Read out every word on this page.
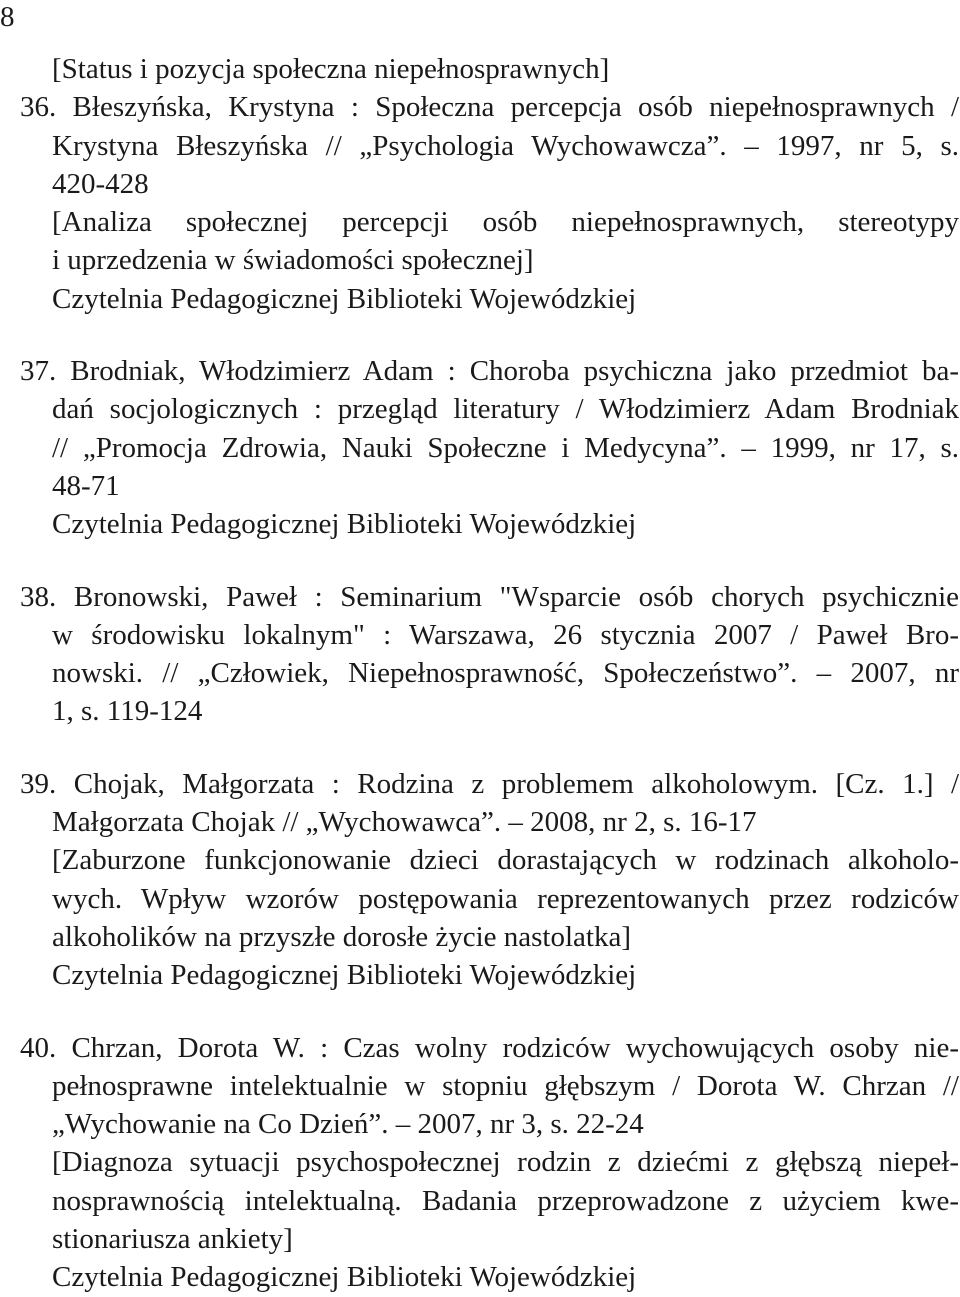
8
[Status i pozycja społeczna niepełnosprawnych]
36. Błeszyńska, Krystyna : Społeczna percepcja osób niepełnosprawnych /
Krystyna Błeszyńska // „Psychologia Wychowawcza”. – 1997, nr 5, s.
420-428
[Analiza społecznej percepcji osób niepełnosprawnych, stereotypy
i uprzedzenia w świadomości społecznej]
Czytelnia Pedagogicznej Biblioteki Wojewódzkiej
37. Brodniak, Włodzimierz Adam : Choroba psychiczna jako przedmiot ba-
dań socjologicznych : przegląd literatury / Włodzimierz Adam Brodniak
// „Promocja Zdrowia, Nauki Społeczne i Medycyna”. – 1999, nr 17, s.
48-71
Czytelnia Pedagogicznej Biblioteki Wojewódzkiej
38. Bronowski, Paweł : Seminarium "Wsparcie osób chorych psychicznie
w środowisku lokalnym" : Warszawa, 26 stycznia 2007 / Paweł Bro-
nowski. // „Człowiek, Niepełnosprawność, Społeczeństwo”. – 2007, nr
1, s. 119-124
39. Chojak, Małgorzata : Rodzina z problemem alkoholowym. [Cz. 1.] /
Małgorzata Chojak // „Wychowawca”. – 2008, nr 2, s. 16-17
[Zaburzone funkcjonowanie dzieci dorastających w rodzinach alkoholo-
wych. Wpływ wzorów postępowania reprezentowanych przez rodziców
alkoholików na przyszłe dorosłe życie nastolatka]
Czytelnia Pedagogicznej Biblioteki Wojewódzkiej
40. Chrzan, Dorota W. : Czas wolny rodziców wychowujących osoby nie-
pełnosprawne intelektualnie w stopniu głębszym / Dorota W. Chrzan //
„Wychowanie na Co Dzień”. – 2007, nr 3, s. 22-24
[Diagnoza sytuacji psychospołecznej rodzin z dziećmi z głębszą niepeł-
nosprawnością intelektualną. Badania przeprowadzone z użyciem kwe-
stionariusza ankiety]
Czytelnia Pedagogicznej Biblioteki Wojewódzkiej
